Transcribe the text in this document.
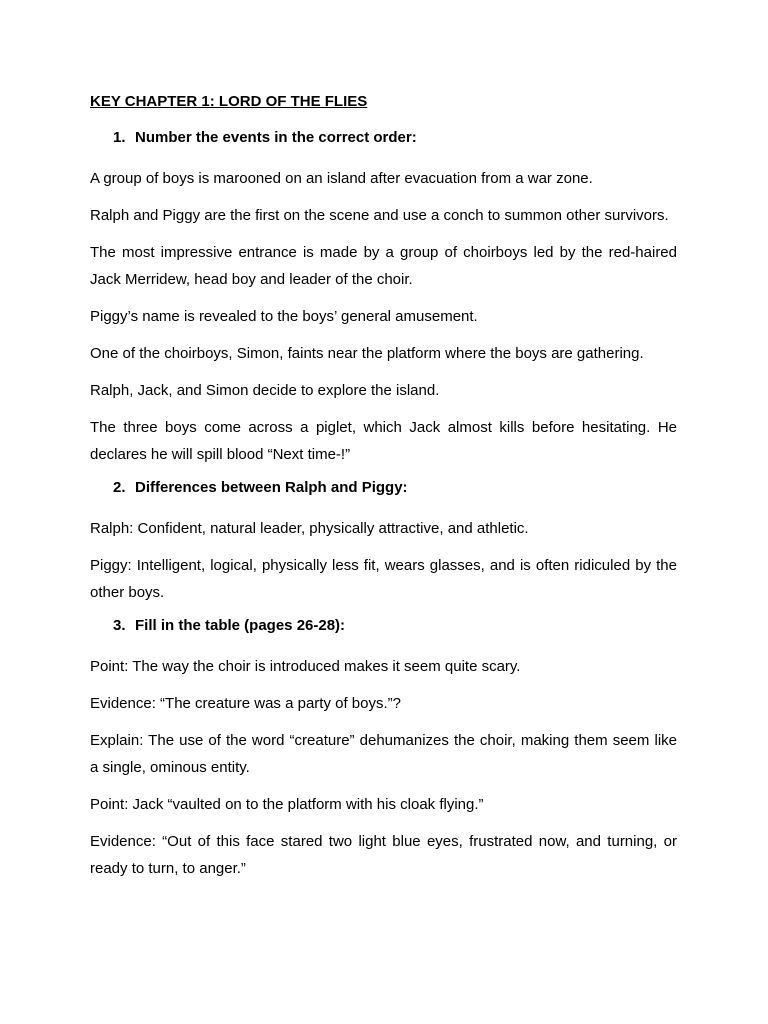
KEY CHAPTER 1: LORD OF THE FLIES
1. Number the events in the correct order:

A group of boys is marooned on an island after evacuation from a war zone.

Ralph and Piggy are the first on the scene and use a conch to summon other survivors.

The most impressive entrance is made by a group of choirboys led by the red-haired Jack Merridew, head boy and leader of the choir.

Piggy’s name is revealed to the boys’ general amusement.

One of the choirboys, Simon, faints near the platform where the boys are gathering.

Ralph, Jack, and Simon decide to explore the island.

The three boys come across a piglet, which Jack almost kills before hesitating. He declares he will spill blood “Next time-!”

2. Differences between Ralph and Piggy:

Ralph: Confident, natural leader, physically attractive, and athletic.

Piggy: Intelligent, logical, physically less fit, wears glasses, and is often ridiculed by the other boys.

3. Fill in the table (pages 26-28):

Point: The way the choir is introduced makes it seem quite scary.

Evidence: “The creature was a party of boys.”?

Explain: The use of the word “creature” dehumanizes the choir, making them seem like a single, ominous entity.

Point: Jack “vaulted on to the platform with his cloak flying.”

Evidence: “Out of this face stared two light blue eyes, frustrated now, and turning, or ready to turn, to anger.”
